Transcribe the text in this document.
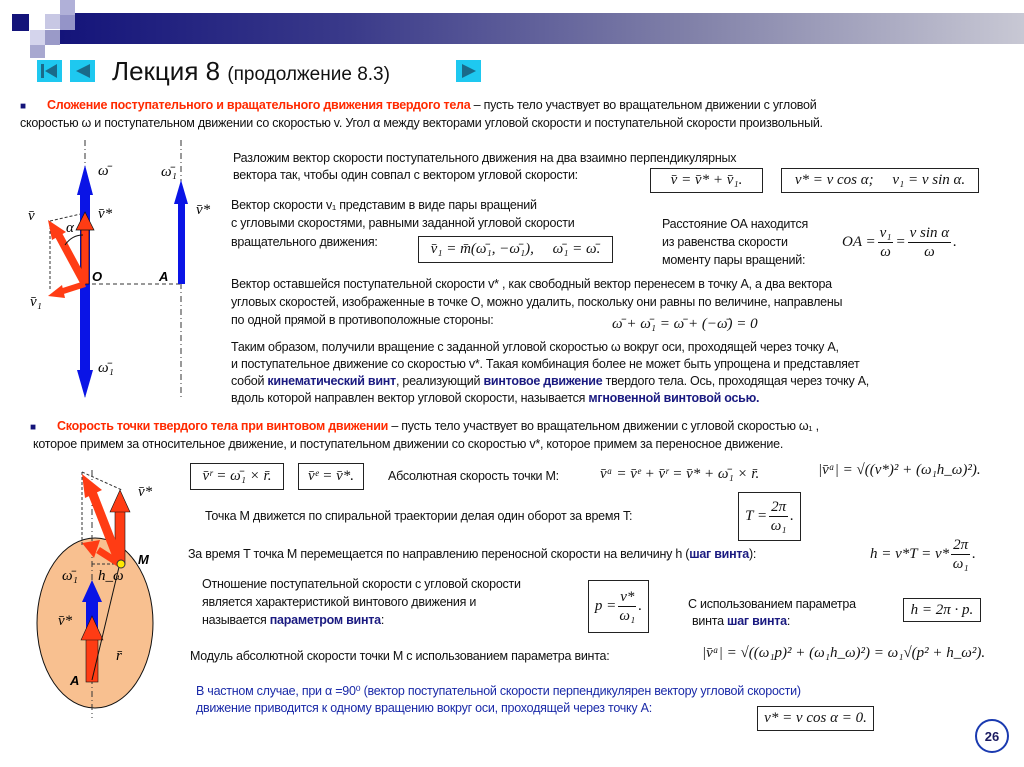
Лекция 8 (продолжение 8.3)
■ Сложение поступательного и вращательного движения твердого тела – пусть тело участвует во вращательном движении с угловой
скоростью ω и поступательном движении со скоростью v. Угол α между векторами угловой скорости и поступательной скорости произвольный.
ω̄
v̄*
v̄
α
v̄₁
O
ω̄₁
ω̄₁
v̄*
A
Разложим вектор скорости поступательного движения на два взаимно перпендикулярных
вектора так, чтобы один совпал с вектором угловой скорости:	v̄ = v̄* + v̄₁.	v* = v cos α;     v₁ = v sin α.
Вектор скорости v₁ представим в виде пары вращений
с угловыми скоростями, равными заданной угловой скорости
вращательного движения:	v̄₁ = m̄(ω̄₁, −ω̄₁),     ω̄₁ = ω̄.
Расстояние ОА находится
из равенства скорости
моменту пары вращений:
OA = $\frac{\text{v₁}}{\omega} = \frac{\text{v sin α}}{\omega}$ .
Вектор оставшейся поступательной скорости v* , как свободный вектор перенесем в точку A, а два вектора
угловых скоростей, изображенные в точке О, можно удалить, поскольку они равны по величине, направлены
по одной прямой в противоположные стороны:	ω̄ + ω̄₁ = ω̄ + (−ω̄) = 0
Таким образом, получили вращение с заданной угловой скоростью ω вокруг оси, проходящей через точку A,
и поступательное движение со скоростью v*. Такая комбинация более не может быть упрощена и представляет
собой кинематический винт, реализующий винтовое движение твердого тела. Ось, проходящая через точку А,
вдоль которой направлен вектор угловой скорости, называется мгновенной винтовой осью.
■ Скорость точки твердого тела при винтовом движении – пусть тело участвует во вращательном движении с угловой скоростью ω₁ ,
которое примем за относительное движение, и поступательном движении со скоростью v*, которое примем за переносное движение.
v̄*
M
ω̄₁ h_ω
v̄*
r̄
A
v̄ʳ = ω̄₁ × r̄.	v̄ᵉ = v̄*.	Абсолютная скорость точки M:	v̄ᵃ = v̄ᵉ + v̄ʳ = v̄* + ω̄₁ × r̄.	|v̄ᵃ| = √((v*)² + (ω₁h_ω)²).
Точка M движется по спиральной траектории делая один оборот за время T:	$T = \frac{2\pi}{\text{ω₁}}$ .
За время T точка M перемещается по направлению переносной скорости на величину h (шаг винта):	$h = v*T = v* \frac{2\pi}{\text{ω₁}}$ .
Отношение поступательной скорости с угловой скорости
является характеристикой винтового движения и
называется параметром винта:
$p = \frac{v*}{\text{ω₁}}$ .	С использованием параметра
винта шаг винта:
h = 2π · p.
Модуль абсолютной скорости точки M с использованием параметра винта:	|v̄ᵃ| = √((ω₁p)² + (ω₁h_ω)²) = ω₁√(p² + h_ω²).
В частном случае, при α =90⁰ (вектор поступательной скорости перпендикулярен вектору угловой скорости)
движение приводится к одному вращению вокруг оси, проходящей через точку A:
v* = v cos α = 0.
26
